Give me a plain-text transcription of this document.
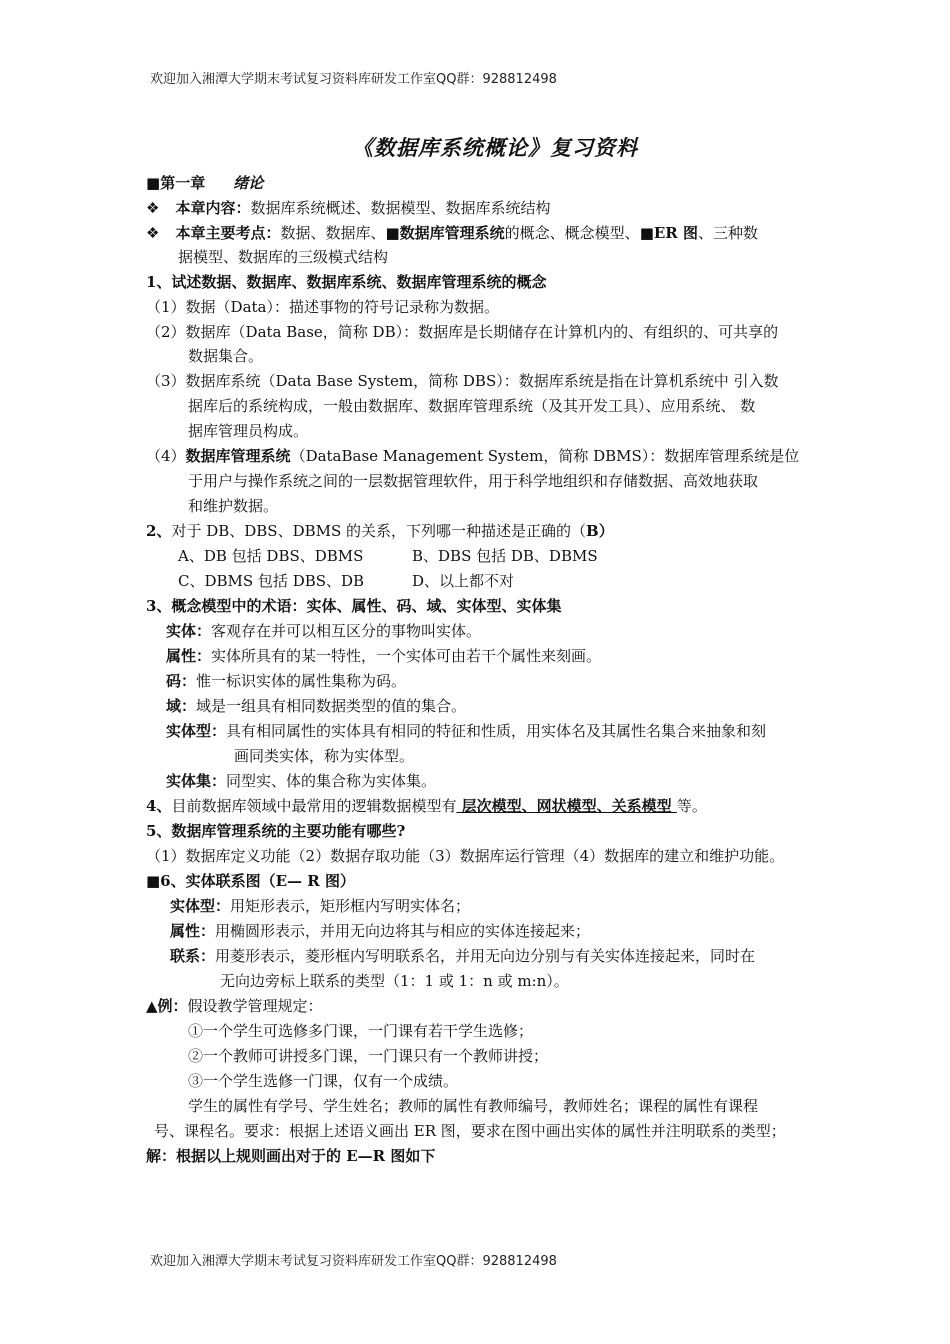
欢迎加入湘潭大学期末考试复习资料库研发工作室QQ群：928812498
《数据库系统概论》复习资料
■第一章 绪论
❖ 本章内容：数据库系统概述、数据模型、数据库系统结构
❖ 本章主要考点：数据、数据库、■数据库管理系统的概念、概念模型、■ER 图、三种数
据模型、数据库的三级模式结构
1、试述数据、数据库、数据库系统、数据库管理系统的概念
（1）数据（Data）：描述事物的符号记录称为数据。
（2）数据库（Data Base，简称 DB）：数据库是长期储存在计算机内的、有组织的、可共享的
数据集合。
（3）数据库系统（Data Base System，简称 DBS）：数据库系统是指在计算机系统中 引入数
据库后的系统构成，一般由数据库、数据库管理系统（及其开发工具）、应用系统、 数
据库管理员构成。
（4）数据库管理系统（DataBase Management System，简称 DBMS）：数据库管理系统是位
于用户与操作系统之间的一层数据管理软件，用于科学地组织和存储数据、高效地获取
和维护数据。
2、对于 DB、DBS、DBMS 的关系，下列哪一种描述是正确的（B）
A、DB 包括 DBS、DBMS	B、DBS 包括 DB、DBMS
C、DBMS 包括 DBS、DB	D、以上都不对
3、概念模型中的术语：实体、属性、码、域、实体型、实体集
实体：客观存在并可以相互区分的事物叫实体。
属性：实体所具有的某一特性，一个实体可由若干个属性来刻画。
码：惟一标识实体的属性集称为码。
域：域是一组具有相同数据类型的值的集合。
实体型：具有相同属性的实体具有相同的特征和性质，用实体名及其属性名集合来抽象和刻
画同类实体，称为实体型。
实体集：同型实、体的集合称为实体集。
4、目前数据库领域中最常用的逻辑数据模型有 层次模型、网状模型、关系模型 等。
5、数据库管理系统的主要功能有哪些?
（1）数据库定义功能（2）数据存取功能（3）数据库运行管理（4）数据库的建立和维护功能。
■6、实体联系图（E— R 图）
实体型：用矩形表示，矩形框内写明实体名；
属性：用椭圆形表示，并用无向边将其与相应的实体连接起来；
联系：用菱形表示，菱形框内写明联系名，并用无向边分别与有关实体连接起来，同时在
无向边旁标上联系的类型（1：1 或 1：n 或 m:n）。
▲例：假设教学管理规定：
①一个学生可选修多门课，一门课有若干学生选修；
②一个教师可讲授多门课，一门课只有一个教师讲授；
③一个学生选修一门课，仅有一个成绩。
学生的属性有学号、学生姓名；教师的属性有教师编号，教师姓名；课程的属性有课程
号、课程名。要求：根据上述语义画出 ER 图，要求在图中画出实体的属性并注明联系的类型；
解：根据以上规则画出对于的 E—R 图如下
欢迎加入湘潭大学期末考试复习资料库研发工作室QQ群：928812498
